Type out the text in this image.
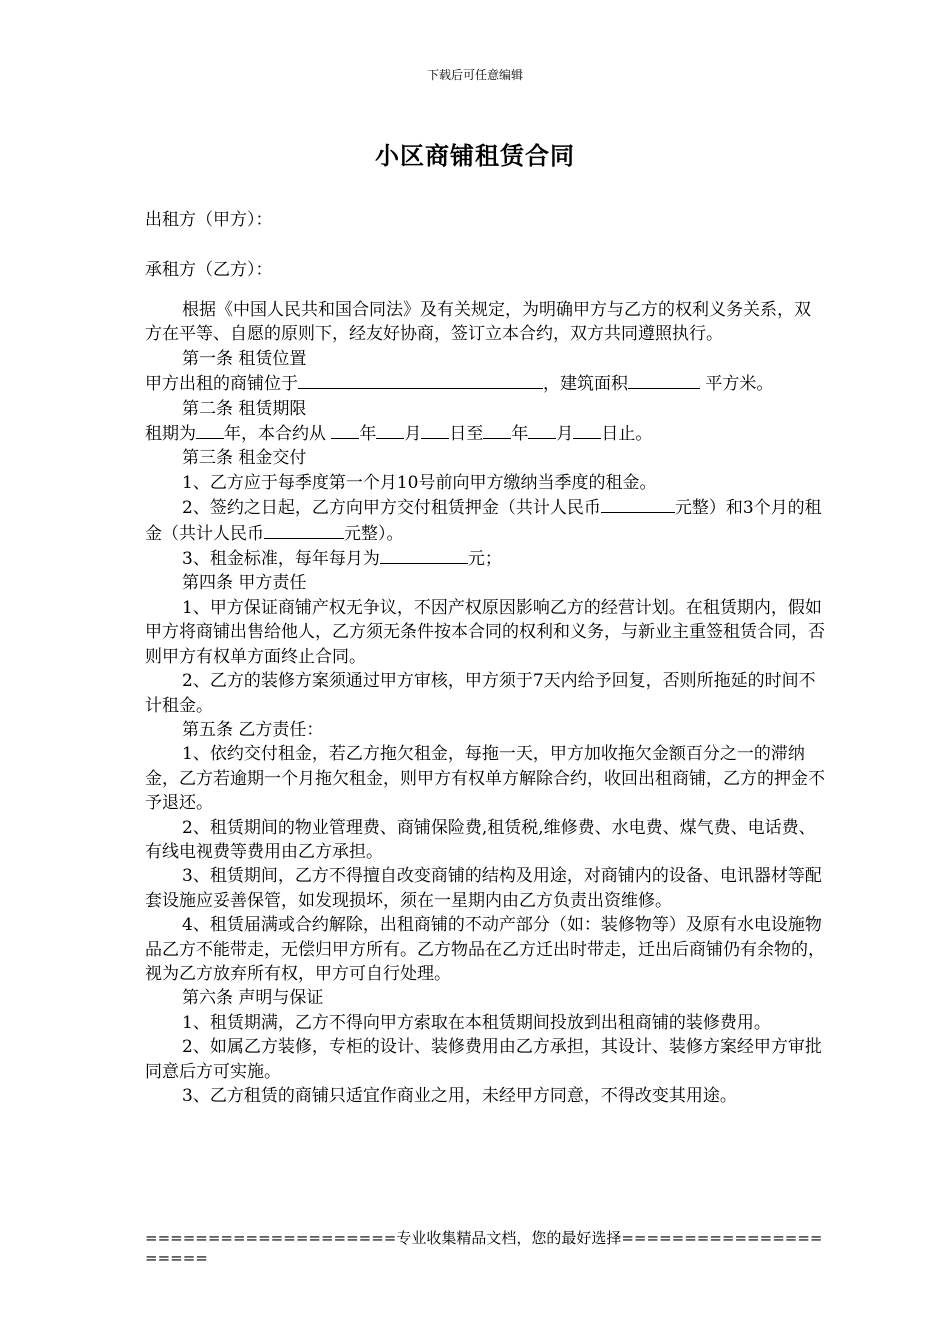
下载后可任意编辑
小区商铺租赁合同
出租方（甲方）：
承租方（乙方）：

根据《中国人民共和国合同法》及有关规定，为明确甲方与乙方的权利义务关系，双方在平等、自愿的原则下，经友好协商，签订立本合约，双方共同遵照执行。

第一条 租赁位置

甲方出租的商铺位于	，建筑面积	平方米。

第二条 租赁期限

租期为 年，本合约从 年 月 日至 年 月 日止。

第三条 租金交付

1、乙方应于每季度第一个月10号前向甲方缴纳当季度的租金。

2、签约之日起，乙方向甲方交付租赁押金（共计人民币	元整）和3个月的租金（共计人民币	元整）。

3、租金标准，每年每月为	元；

第四条 甲方责任

1、甲方保证商铺产权无争议，不因产权原因影响乙方的经营计划。在租赁期内，假如甲方将商铺出售给他人，乙方须无条件按本合同的权利和义务，与新业主重签租赁合同，否则甲方有权单方面终止合同。

2、乙方的装修方案须通过甲方审核，甲方须于7天内给予回复，否则所拖延的时间不计租金。

第五条 乙方责任：

1、依约交付租金，若乙方拖欠租金，每拖一天，甲方加收拖欠金额百分之一的滞纳金，乙方若逾期一个月拖欠租金，则甲方有权单方解除合约，收回出租商铺，乙方的押金不予退还。

2、租赁期间的物业管理费、商铺保险费,租赁税,维修费、水电费、煤气费、电话费、有线电视费等费用由乙方承担。

3、租赁期间，乙方不得擅自改变商铺的结构及用途，对商铺内的设备、电讯器材等配套设施应妥善保管，如发现损坏，须在一星期内由乙方负责出资维修。

4、租赁届满或合约解除，出租商铺的不动产部分（如：装修物等）及原有水电设施物品乙方不能带走，无偿归甲方所有。乙方物品在乙方迁出时带走，迁出后商铺仍有余物的，视为乙方放弃所有权，甲方可自行处理。

第六条 声明与保证

1、租赁期满，乙方不得向甲方索取在本租赁期间投放到出租商铺的装修费用。

2、如属乙方装修，专柜的设计、装修费用由乙方承担，其设计、装修方案经甲方审批同意后方可实施。

3、乙方租赁的商铺只适宜作商业之用，未经甲方同意，不得改变其用途。

====================专业收集精品文档，您的最好选择=====================
